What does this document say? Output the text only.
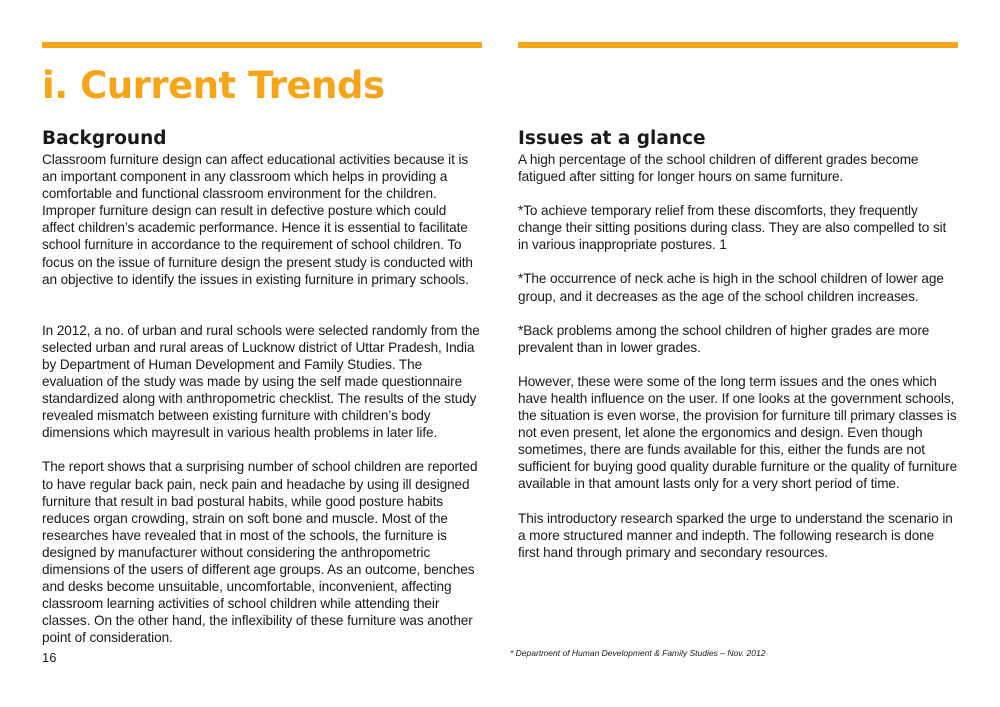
i. Current Trends
Background

Classroom furniture design can affect educational activities because it is an important component in any classroom which helps in providing a comfortable and functional classroom environment for the children. Improper furniture design can result in defective posture which could affect children’s academic performance. Hence it is essential to facilitate school furniture in accordance to the requirement of school children. To focus on the issue of furniture design the present study is conducted with an objective to identify the issues in existing furniture in primary schools.

In 2012, a no. of urban and rural schools were selected randomly from the selected urban and rural areas of Lucknow district of Uttar Pradesh, India by Department of Human Development and Family Studies. The evaluation of the study was made by using the self made questionnaire standardized along with anthropometric checklist. The results of the study revealed mismatch between existing furniture with children’s body dimensions which mayresult in various health problems in later life.

The report shows that a surprising number of school children are reported to have regular back pain, neck pain and headache by using ill designed furniture that result in bad postural habits, while good posture habits reduces organ crowding, strain on soft bone and muscle. Most of the researches have revealed that in most of the schools, the furniture is designed by manufacturer without considering the anthropometric dimensions of the users of different age groups. As an outcome, benches and desks become unsuitable, uncomfortable, inconvenient, affecting classroom learning activities of school children while attending their classes. On the other hand, the inflexibility of these furniture was another point of consideration.

Issues at a glance

A high percentage of the school children of different grades become fatigued after sitting for longer hours on same furniture.

*To achieve temporary relief from these discomforts, they frequently change their sitting positions during class. They are also compelled to sit in various inappropriate postures. 1

*The occurrence of neck ache is high in the school children of lower age group, and it decreases as the age of the school children increases.

*Back problems among the school children of higher grades are more prevalent than in lower grades.

However, these were some of the long term issues and the ones which have health influence on the user. If one looks at the government schools, the situation is even worse, the provision for furniture till primary classes is not even present, let alone the ergonomics and design. Even though sometimes, there are funds available for this, either the funds are not sufficient for buying good quality durable furniture or the quality of furniture available in that amount lasts only for a very short period of time.

This introductory research sparked the urge to understand the scenario in a more structured manner and indepth. The following research is done first hand through primary and secondary resources.

16	* Department of Human Development & Family Studies – Nov. 2012
